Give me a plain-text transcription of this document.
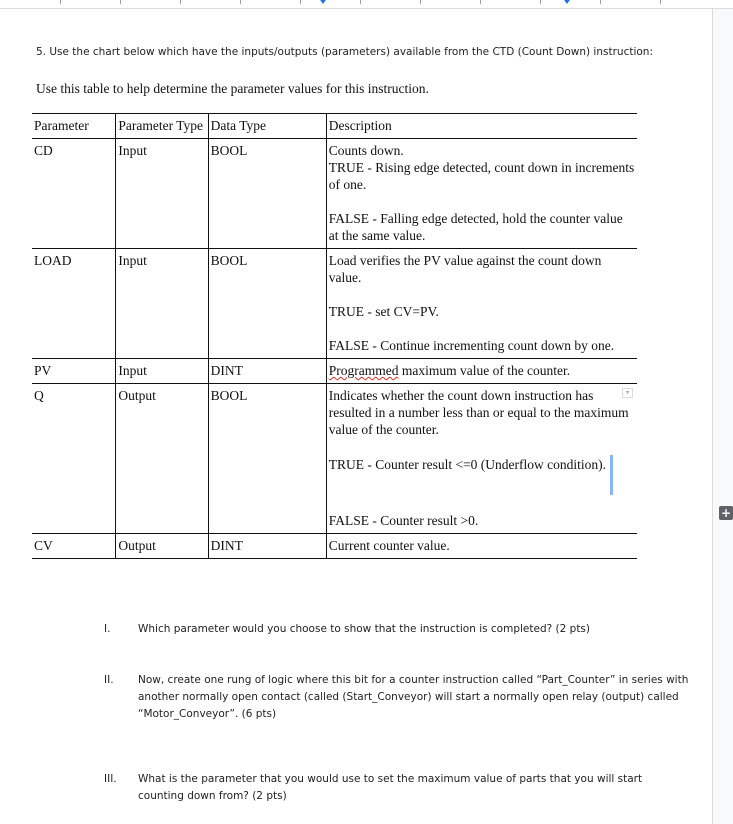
5. Use the chart below which have the inputs/outputs (parameters) available from the CTD (Count Down) instruction:
Use this table to help determine the parameter values for this instruction.
Parameter	Parameter Type	Data Type	Description
CD	Input	BOOL	Counts down.

TRUE - Rising edge detected, count down in increments of one.

FALSE - Falling edge detected, hold the counter value at the same value.

LOAD	Input	BOOL	Load verifies the PV value against the count down value.

TRUE - set CV=PV.

FALSE - Continue incrementing count down by one.

PV	Input	DINT	Programmed maximum value of the counter.
Q	Output	BOOL	▾

Indicates whether the count down instruction has resulted in a number less than or equal to the maximum value of the counter.

TRUE - Counter result <=0 (Underflow condition).

FALSE - Counter result >0.

CV	Output	DINT	Current counter value.

I.	Which parameter would you choose to show that the instruction is completed? (2 pts)
II. Now, create one rung of logic where this bit for a counter instruction called “Part_Counter” in series with another normally open contact (called (Start_Conveyor) will start a normally open relay (output) called “Motor_Conveyor”. (6 pts)
III. What is the parameter that you would use to set the maximum value of parts that you will start counting down from? (2 pts)
+
